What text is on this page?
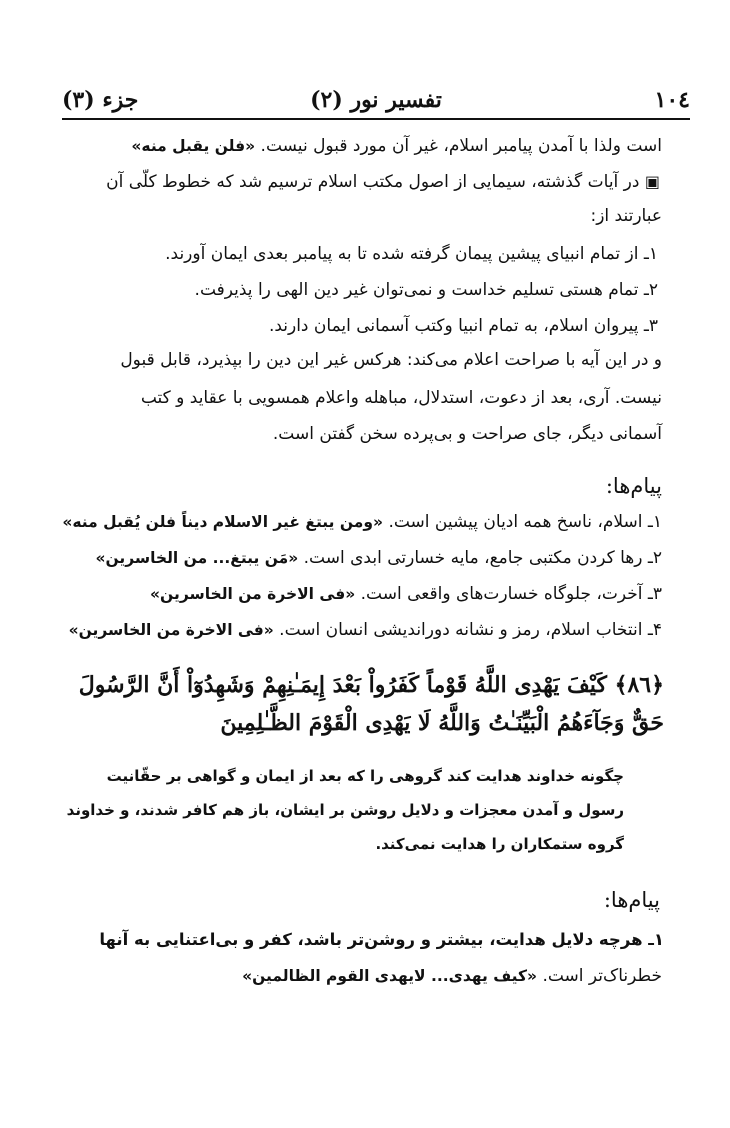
جزء (٣)	تفسیر نور (٢)	١٠٤
است ولذا با آمدن پیامبر اسلام، غیر آن مورد قبول نیست. «فلن یقبل منه»
▣ در آیات گذشته، سیمایی از اصول مکتب اسلام ترسیم شد که خطوط کلّی آن
عبارتند از:
۱ـ از تمام انبیای پیشین پیمان گرفته شده تا به پیامبر بعدی ایمان آورند.
۲ـ تمام هستی تسلیم خداست و نمی‌توان غیر دین الهی را پذیرفت.
۳ـ پیروان اسلام، به تمام انبیا وکتب آسمانی ایمان دارند.
و در این آیه با صراحت اعلام می‌کند: هرکس غیر این دین را بپذیرد، قابل قبول
نیست. آری، بعد از دعوت، استدلال، مباهله واعلام همسویی با عقاید و کتب
آسمانی دیگر، جای صراحت و بی‌پرده سخن گفتن است.
پیام‌ها:
۱ـ اسلام، ناسخ همه ادیان پیشین است. «ومن یبتغ غیر الاسلام دیناً فلن یُقبل منه»
۲ـ رها کردن مکتبی جامع، مایه خسارتی ابدی است. «مَن یبتغ... من الخاسرین»
۳ـ آخرت، جلوگاه خسارت‌های واقعی است. «فی الاخرة من الخاسرین»
۴ـ انتخاب اسلام، رمز و نشانه دوراندیشی انسان است. «فی الاخرة من الخاسرین»
﴿٨٦﴾ کَیْفَ یَهْدِی اللَّهُ قَوْماً کَفَرُواْ بَعْدَ إِیمَـٰنِهِمْ وَشَهِدُوٓاْ أَنَّ الرَّسُولَ
حَقٌّ وَجَآءَهُمُ الْبَیِّنَـٰتُ وَاللَّهُ لَا یَهْدِی الْقَوْمَ الظَّـٰلِمِینَ
چگونه خداوند هدایت کند گروهی را که بعد از ایمان و گواهی بر حقّانیت
رسول و آمدن معجزات و دلایل روشن بر ایشان، باز هم کافر شدند، و خداوند
گروه ستمکاران را هدایت نمی‌کند.
پیام‌ها:
۱ـ هرچه دلایل هدایت، بیشتر و روشن‌تر باشد، کفر و بی‌اعتنایی به آنها
خطرناک‌تر است. «کیف یهدی... لایهدی القوم الظالمین»
